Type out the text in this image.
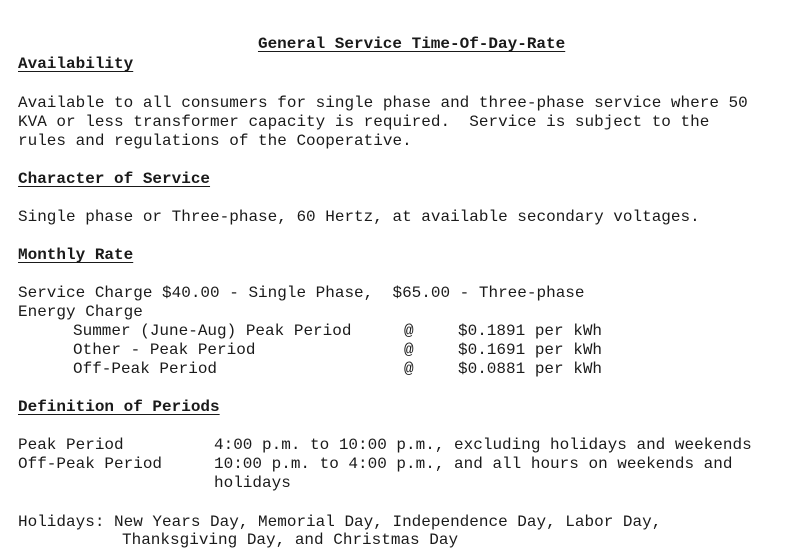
General Service Time-Of-Day-Rate

Availability
Available to all consumers for single phase and three-phase service where 50
KVA or less transformer capacity is required.  Service is subject to the
rules and regulations of the Cooperative.
Character of Service
Single phase or Three-phase, 60 Hertz, at available secondary voltages.
Monthly Rate
Service Charge $40.00 - Single Phase,  $65.00 - Three-phase
Energy Charge
Summer (June-Aug) Peak Period	@	$0.1891 per kWh
Other - Peak Period	@	$0.1691 per kWh
Off-Peak Period	@	$0.0881 per kWh
Definition of Periods
Peak Period	4:00 p.m. to 10:00 p.m., excluding holidays and weekends
Off-Peak Period	10:00 p.m. to 4:00 p.m., and all hours on weekends and
holidays
Holidays: New Years Day, Memorial Day, Independence Day, Labor Day,
Thanksgiving Day, and Christmas Day
